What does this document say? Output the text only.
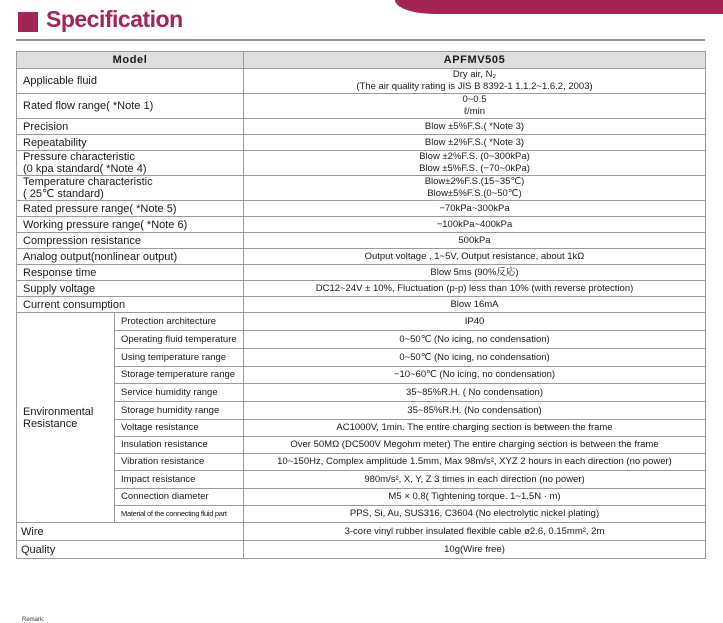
Specification
Model		APFMV505
Applicable fluid		Dry air, N₂
(The air quality rating is JIS B 8392-1 1.1.2~1.6.2, 2003)
Rated flow range( *Note 1)		0~0.5
ℓ/min
Precision		Blow ±5%F.S.( *Note 3)
Repeatability		Blow ±2%F.S.( *Note 3)
Pressure characteristic
(0 kpa standard( *Note 4)		Blow ±2%F.S. (0~300kPa)
Blow ±5%F.S. (−70~0kPa)
Temperature characteristic
( 25℃ standard)		Blow±2%F.S.(15~35℃)
Blow±5%F.S.(0~50℃)
Rated pressure range( *Note 5)		−70kPa~300kPa
Working pressure range( *Note 6)		−100kPa~400kPa
Compression resistance		500kPa
Analog output(nonlinear output)		Output voltage , 1~5V, Output resistance, about 1kΩ
Response time		Blow 5ms (90%反応)
Supply voltage		DC12~24V ± 10%, Fluctuation (p-p) less than 10% (with reverse protection)
Current consumption		Blow 16mA
Environmental
Resistance	Protection architecture	IP40
	Operating fluid temperature	0~50℃ (No icing, no condensation)
	Using temperature range	0~50℃ (No icing, no condensation)
	Storage temperature range	−10~60℃ (No icing, no condensation)
	Service humidity range	35~85%R.H. ( No condensation)
	Storage humidity range	35~85%R.H. (No condensation)
	Voltage resistance	AC1000V, 1min. The entire charging section is between the frame
	Insulation resistance	Over 50MΩ (DC500V Megohm meter) The entire charging section is between the frame
	Vibration resistance	10~150Hz, Complex amplitude 1.5mm, Max 98m/s², XYZ 2 hours in each direction (no power)
	Impact resistance	980m/s², X, Y, Z 3 times in each direction (no power)
	Connection diameter	M5 × 0.8( Tightening torque. 1~1.5N · m)
	Material of the connecting fluid part	PPS, Si, Au, SUS316, C3604 (No electrolytic nickel plating)
Wire		3-core vinyl rubber insulated flexible cable ø2.6, 0.15mm², 2m
Quality		10g(Wire free)
Remark:
